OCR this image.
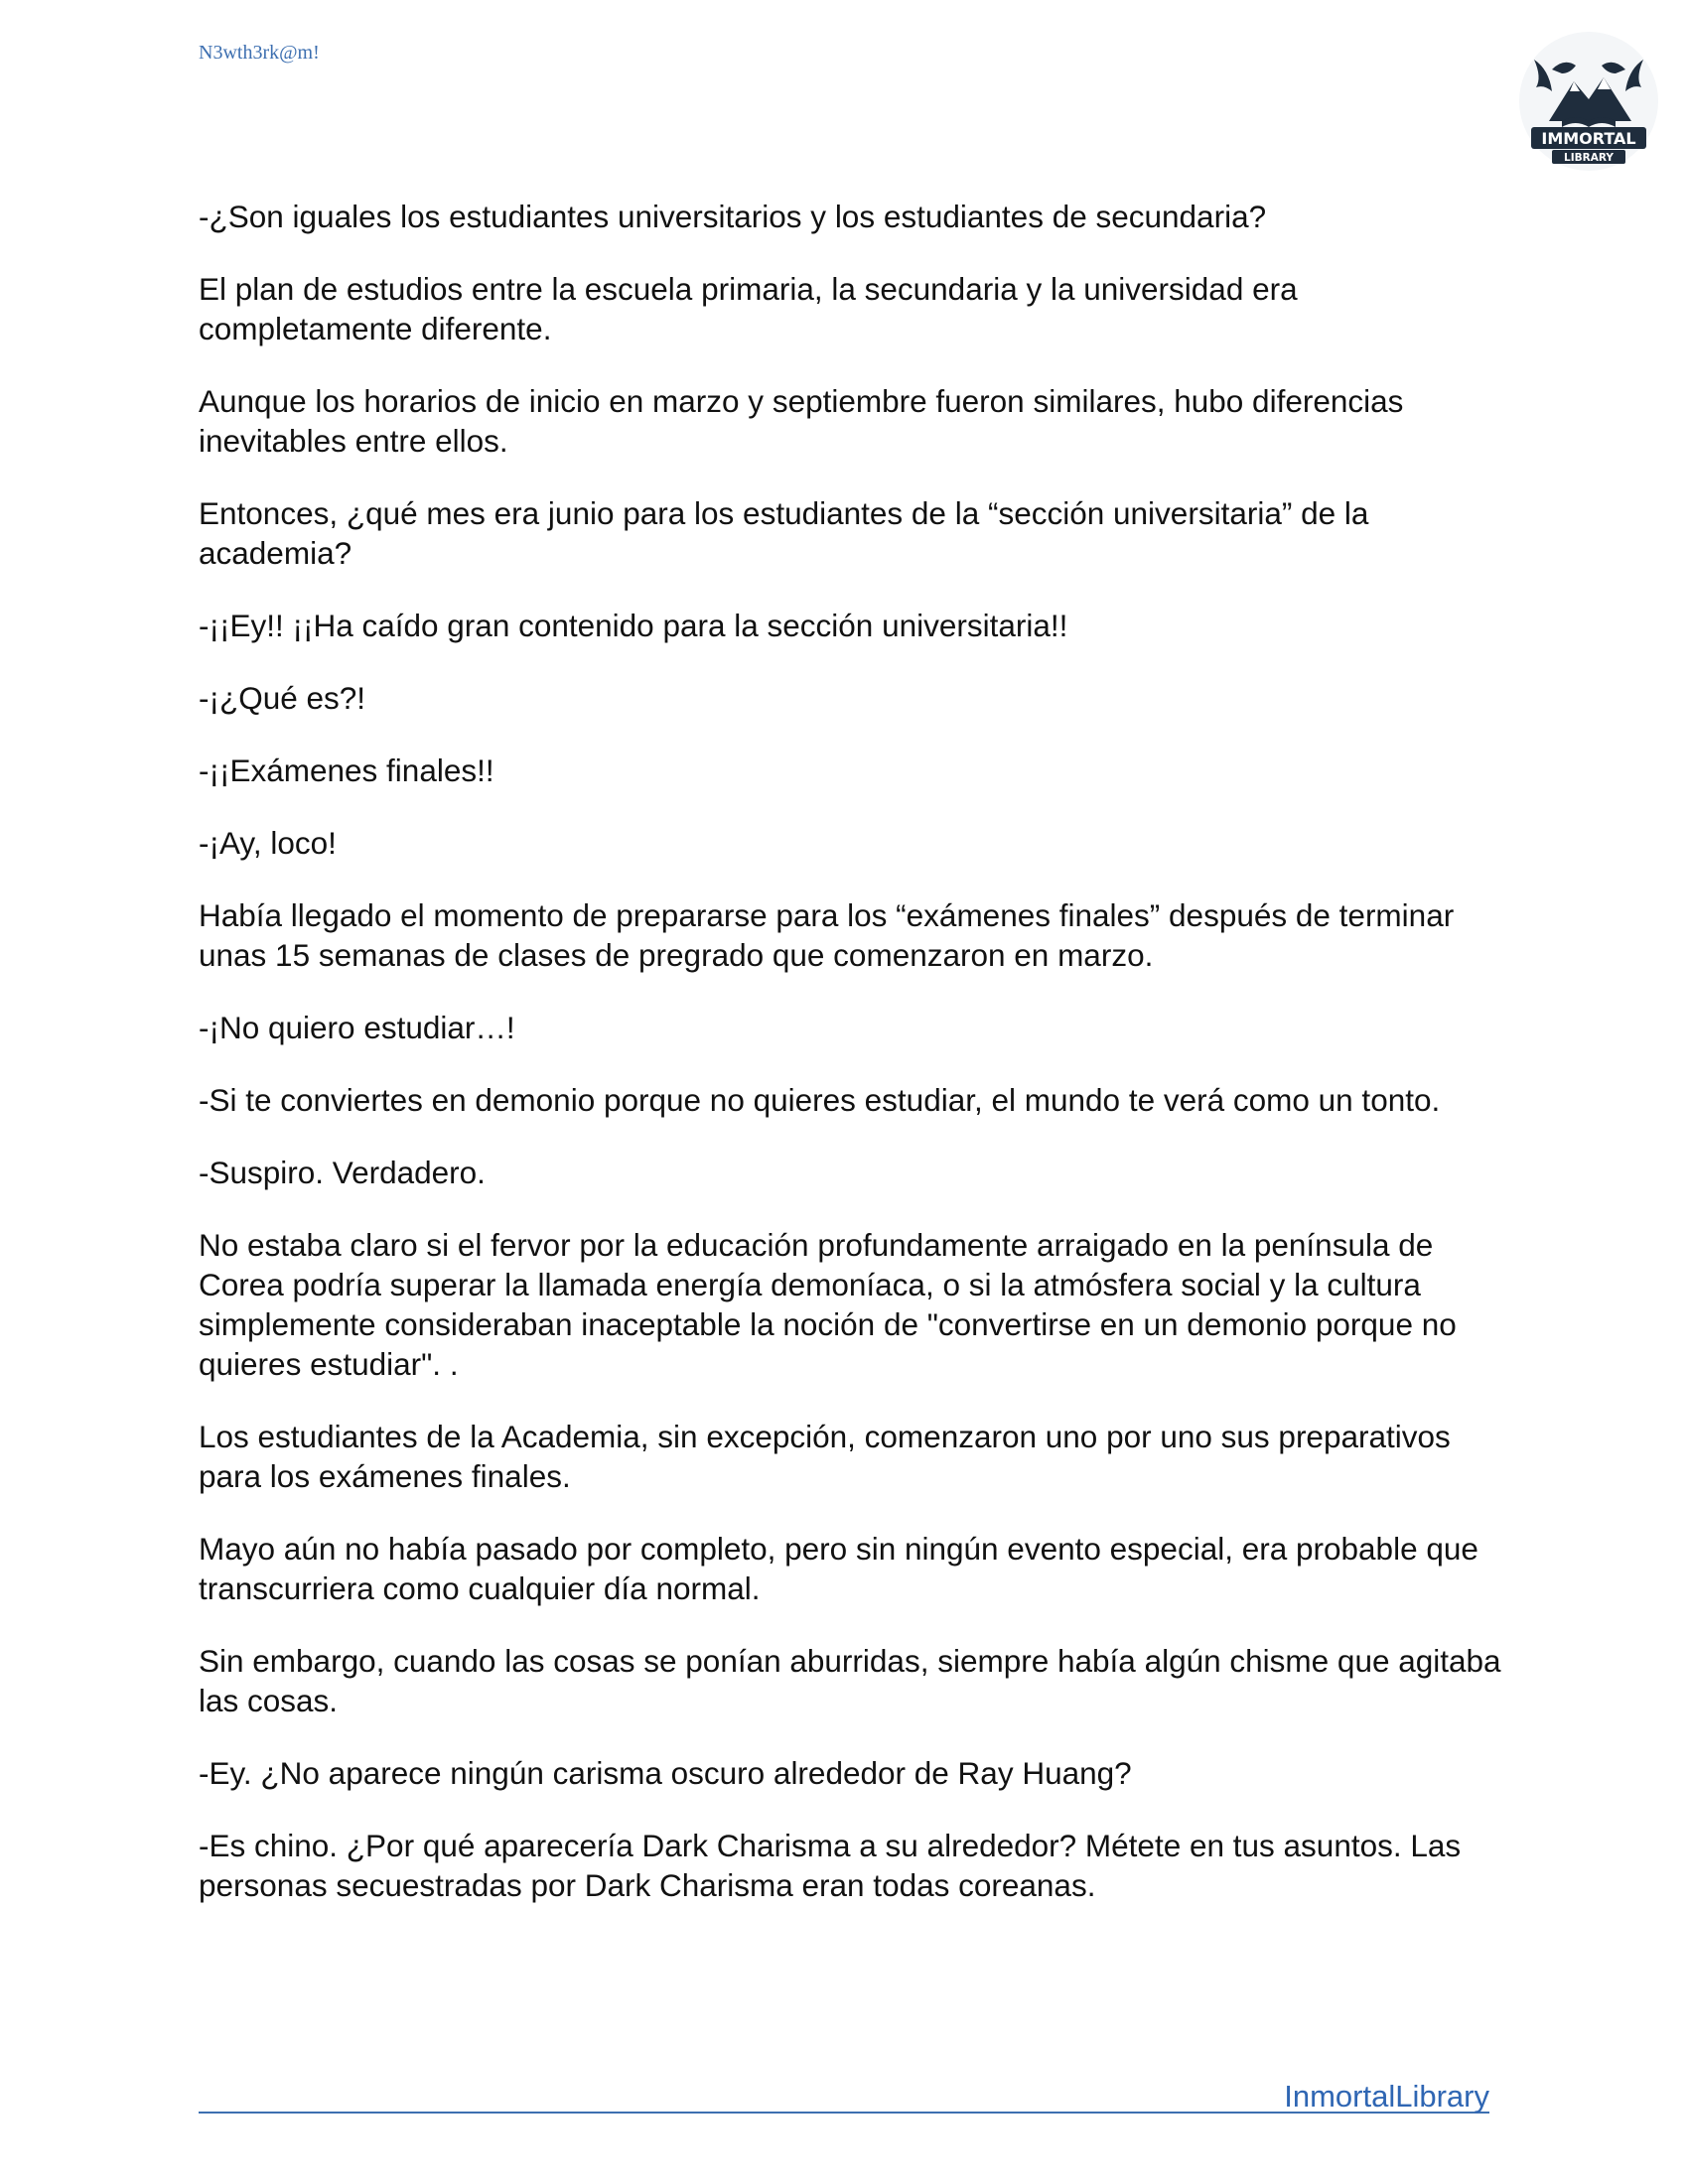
N3wth3rk@m!
IMMORTAL
LIBRARY

-¿Son iguales los estudiantes universitarios y los estudiantes de secundaria?

El plan de estudios entre la escuela primaria, la secundaria y la universidad era completamente diferente.

Aunque los horarios de inicio en marzo y septiembre fueron similares, hubo diferencias inevitables entre ellos.

Entonces, ¿qué mes era junio para los estudiantes de la “sección universitaria” de la academia?

-¡¡Ey!! ¡¡Ha caído gran contenido para la sección universitaria!!

-¡¿Qué es?!

-¡¡Exámenes finales!!

-¡Ay, loco!

Había llegado el momento de prepararse para los “exámenes finales” después de terminar unas 15 semanas de clases de pregrado que comenzaron en marzo.

-¡No quiero estudiar…!

-Si te conviertes en demonio porque no quieres estudiar, el mundo te verá como un tonto.

-Suspiro. Verdadero.

No estaba claro si el fervor por la educación profundamente arraigado en la península de Corea podría superar la llamada energía demoníaca, o si la atmósfera social y la cultura simplemente consideraban inaceptable la noción de "convertirse en un demonio porque no quieres estudiar". .

Los estudiantes de la Academia, sin excepción, comenzaron uno por uno sus preparativos para los exámenes finales.

Mayo aún no había pasado por completo, pero sin ningún evento especial, era probable que transcurriera como cualquier día normal.

Sin embargo, cuando las cosas se ponían aburridas, siempre había algún chisme que agitaba las cosas.

-Ey. ¿No aparece ningún carisma oscuro alrededor de Ray Huang?

-Es chino. ¿Por qué aparecería Dark Charisma a su alrededor? Métete en tus asuntos. Las personas secuestradas por Dark Charisma eran todas coreanas.

InmortalLibrary
